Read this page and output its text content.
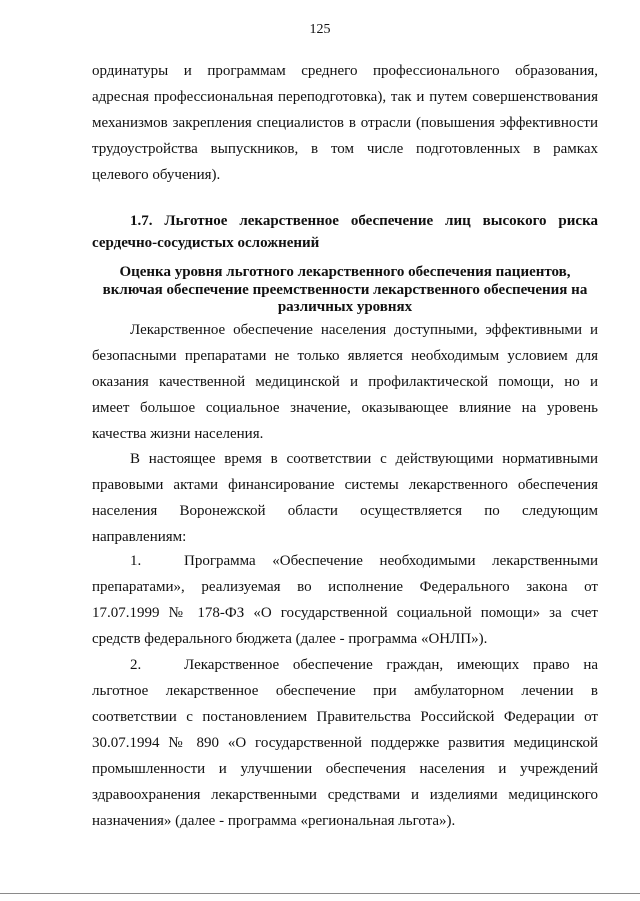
125
ординатуры и программам среднего профессионального образования,
адресная профессиональная переподготовка), так и путем совершенствования
механизмов закрепления специалистов в отрасли (повышения эффективности
трудоустройства выпускников, в том числе подготовленных в рамках
целевого обучения).
1.7. Льготное лекарственное обеспечение лиц высокого риска
сердечно-сосудистых осложнений
Оценка уровня льготного лекарственного обеспечения пациентов,
включая обеспечение преемственности лекарственного обеспечения на
различных уровнях
Лекарственное обеспечение населения доступными, эффективными и
безопасными препаратами не только является необходимым условием для
оказания качественной медицинской и профилактической помощи, но и
имеет большое социальное значение, оказывающее влияние на уровень
качества жизни населения.
В настоящее время в соответствии с действующими нормативными
правовыми актами финансирование системы лекарственного обеспечения
населения Воронежской области осуществляется по следующим
направлениям:
1.	Программа «Обеспечение необходимыми лекарственными
препаратами», реализуемая во исполнение Федерального закона от
17.07.1999 № 178-ФЗ «О государственной социальной помощи» за счет
средств федерального бюджета (далее - программа «ОНЛП»).
2.	Лекарственное обеспечение граждан, имеющих право на
льготное лекарственное обеспечение при амбулаторном лечении в
соответствии с постановлением Правительства Российской Федерации от
30.07.1994 № 890 «О государственной поддержке развития медицинской
промышленности и улучшении обеспечения населения и учреждений
здравоохранения лекарственными средствами и изделиями медицинского
назначения» (далее - программа «региональная льгота»).
